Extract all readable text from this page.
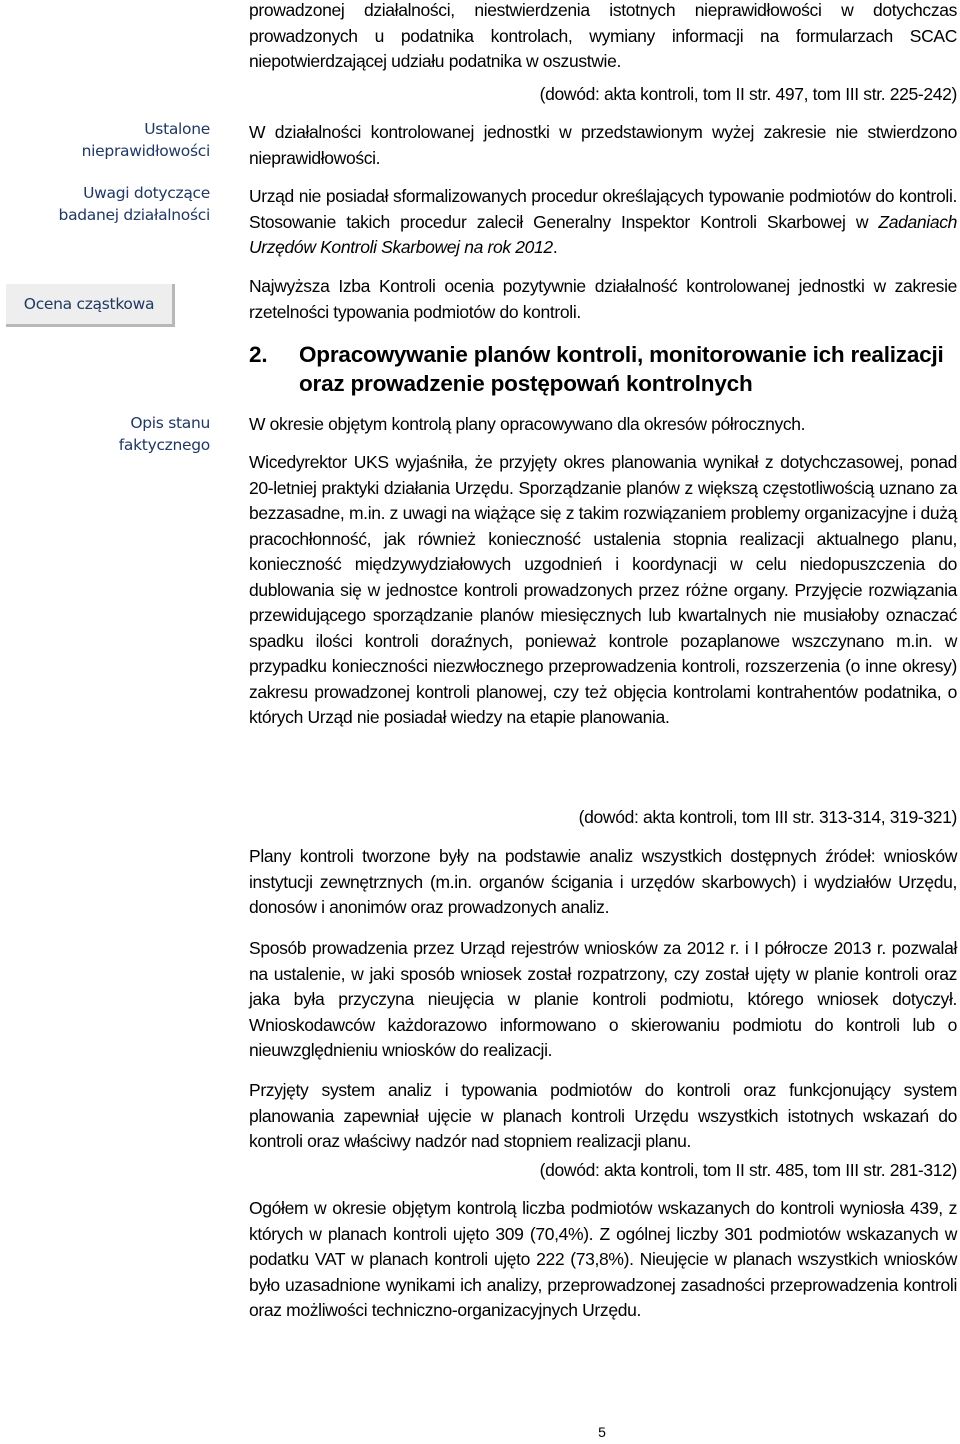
Ustalone nieprawidłowości
Uwagi dotyczące badanej działalności
Ocena cząstkowa
Opis stanu faktycznego
prowadzonej działalności, niestwierdzenia istotnych nieprawidłowości w dotychczas prowadzonych u podatnika kontrolach, wymiany informacji na formularzach SCAC niepotwierdzającej udziału podatnika w oszustwie.
(dowód: akta kontroli, tom II str. 497, tom III str. 225-242)
W działalności kontrolowanej jednostki w przedstawionym wyżej zakresie nie stwierdzono nieprawidłowości.
Urząd nie posiadał sformalizowanych procedur określających typowanie podmiotów do kontroli. Stosowanie takich procedur zalecił Generalny Inspektor Kontroli Skarbowej w Zadaniach Urzędów Kontroli Skarbowej na rok 2012.
Najwyższa Izba Kontroli ocenia pozytywnie działalność kontrolowanej jednostki w zakresie rzetelności typowania podmiotów do kontroli.
2. Opracowywanie planów kontroli, monitorowanie ich realizacji oraz prowadzenie postępowań kontrolnych
W okresie objętym kontrolą plany opracowywano dla okresów półrocznych.
Wicedyrektor UKS wyjaśniła, że przyjęty okres planowania wynikał z dotychczasowej, ponad 20-letniej praktyki działania Urzędu. Sporządzanie planów z większą częstotliwością uznano za bezzasadne, m.in. z uwagi na wiążące się z takim rozwiązaniem problemy organizacyjne i dużą pracochłonność, jak również konieczność ustalenia stopnia realizacji aktualnego planu, konieczność międzywydziałowych uzgodnień i koordynacji w celu niedopuszczenia do dublowania się w jednostce kontroli prowadzonych przez różne organy. Przyjęcie rozwiązania przewidującego sporządzanie planów miesięcznych lub kwartalnych nie musiałoby oznaczać spadku ilości kontroli doraźnych, ponieważ kontrole pozaplanowe wszczynano m.in. w przypadku konieczności niezwłocznego przeprowadzenia kontroli, rozszerzenia (o inne okresy) zakresu prowadzonej kontroli planowej, czy też objęcia kontrolami kontrahentów podatnika, o których Urząd nie posiadał wiedzy na etapie planowania.
(dowód: akta kontroli, tom III str. 313-314, 319-321)
Plany kontroli tworzone były na podstawie analiz wszystkich dostępnych źródeł: wniosków instytucji zewnętrznych (m.in. organów ścigania i urzędów skarbowych) i wydziałów Urzędu, donosów i anonimów oraz prowadzonych analiz.
Sposób prowadzenia przez Urząd rejestrów wniosków za 2012 r. i I półrocze 2013 r. pozwalał na ustalenie, w jaki sposób wniosek został rozpatrzony, czy został ujęty w planie kontroli oraz jaka była przyczyna nieujęcia w planie kontroli podmiotu, którego wniosek dotyczył. Wnioskodawców każdorazowo informowano o skierowaniu podmiotu do kontroli lub o nieuwzględnieniu wniosków do realizacji.
Przyjęty system analiz i typowania podmiotów do kontroli oraz funkcjonujący system planowania zapewniał ujęcie w planach kontroli Urzędu wszystkich istotnych wskazań do kontroli oraz właściwy nadzór nad stopniem realizacji planu.
(dowód: akta kontroli, tom II str. 485, tom III str. 281-312)
Ogółem w okresie objętym kontrolą liczba podmiotów wskazanych do kontroli wyniosła 439, z których w planach kontroli ujęto 309 (70,4%). Z ogólnej liczby 301 podmiotów wskazanych w podatku VAT w planach kontroli ujęto 222 (73,8%). Nieujęcie w planach wszystkich wniosków było uzasadnione wynikami ich analizy, przeprowadzonej zasadności przeprowadzenia kontroli oraz możliwości techniczno-organizacyjnych Urzędu.
5
